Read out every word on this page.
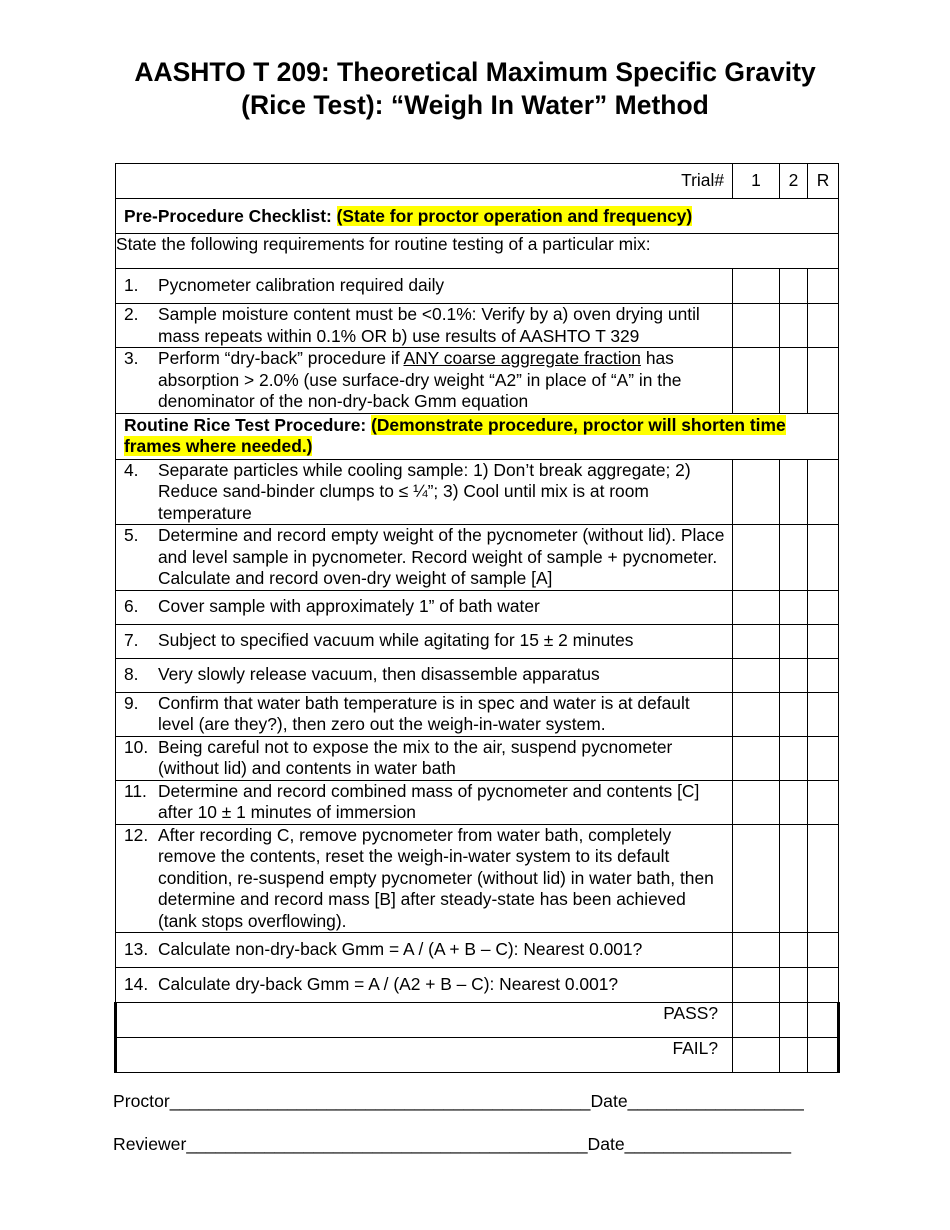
AASHTO T 209: Theoretical Maximum Specific Gravity
(Rice Test): “Weigh In Water” Method
Trial#	1	2	R
Pre-Procedure Checklist: (State for proctor operation and frequency)			
State the following requirements for routine testing of a particular mix:			

1. Pycnometer calibration required daily			

2. Sample moisture content must be <0.1%: Verify by a) oven drying until mass repeats within 0.1% OR b) use results of AASHTO T 329			

3. Perform “dry-back” procedure if ANY coarse aggregate fraction has absorption > 2.0% (use surface-dry weight “A2” in place of “A” in the denominator of the non-dry-back Gmm equation			

Routine Rice Test Procedure: (Demonstrate procedure, proctor will shorten time frames where needed.)			

4. Separate particles while cooling sample: 1) Don’t break aggregate; 2) Reduce sand-binder clumps to ≤ ¼”; 3) Cool until mix is at room temperature			

5. Determine and record empty weight of the pycnometer (without lid). Place and level sample in pycnometer. Record weight of sample + pycnometer. Calculate and record oven-dry weight of sample [A]			

6. Cover sample with approximately 1” of bath water			

7. Subject to specified vacuum while agitating for 15 ± 2 minutes			

8. Very slowly release vacuum, then disassemble apparatus			

9. Confirm that water bath temperature is in spec and water is at default level (are they?), then zero out the weigh-in-water system.			

10. Being careful not to expose the mix to the air, suspend pycnometer (without lid) and contents in water bath			

11. Determine and record combined mass of pycnometer and contents [C] after 10 ± 1 minutes of immersion			

12. After recording C, remove pycnometer from water bath, completely remove the contents, reset the weigh-in-water system to its default condition, re-suspend empty pycnometer (without lid) in water bath, then determine and record mass [B] after steady-state has been achieved (tank stops overflowing).			

13. Calculate non-dry-back Gmm = A / (A + B – C): Nearest 0.001?			

14. Calculate dry-back Gmm = A / (A2 + B – C): Nearest 0.001?			

PASS?			
FAIL?			
Proctor___________________________________________Date__________________
Reviewer_________________________________________Date_________________
